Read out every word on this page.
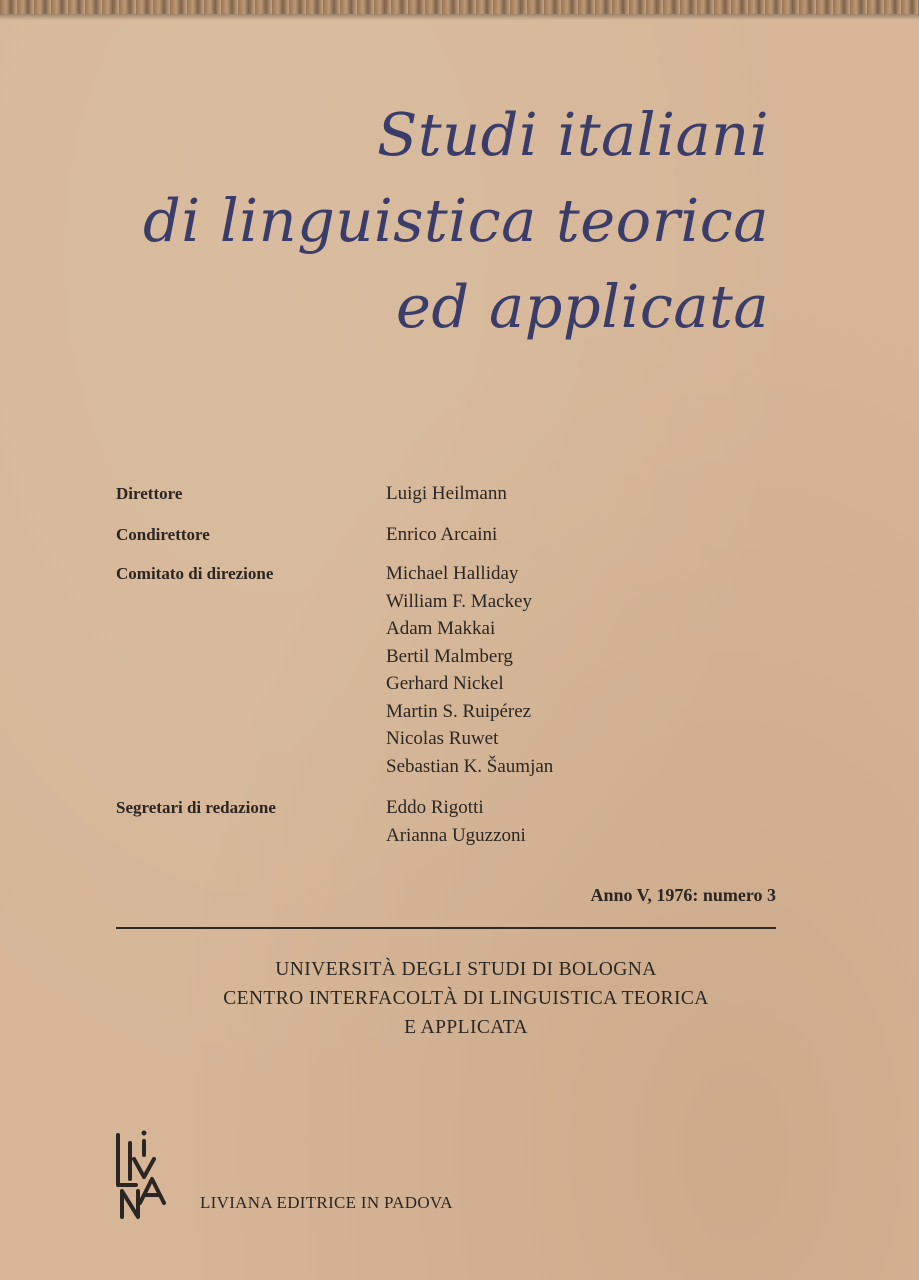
Studi italiani
di linguistica teorica
ed applicata
Direttore	Luigi Heilmann
Condirettore	Enrico Arcaini
Comitato di direzione	Michael Halliday
William F. Mackey
Adam Makkai
Bertil Malmberg
Gerhard Nickel
Martin S. Ruipérez
Nicolas Ruwet
Sebastian K. Šaumjan
Segretari di redazione	Eddo Rigotti
Arianna Uguzzoni
Anno V, 1976: numero 3
UNIVERSITÀ DEGLI STUDI DI BOLOGNA
CENTRO INTERFACOLTÀ DI LINGUISTICA TEORICA
E APPLICATA
LIVIANA EDITRICE IN PADOVA
